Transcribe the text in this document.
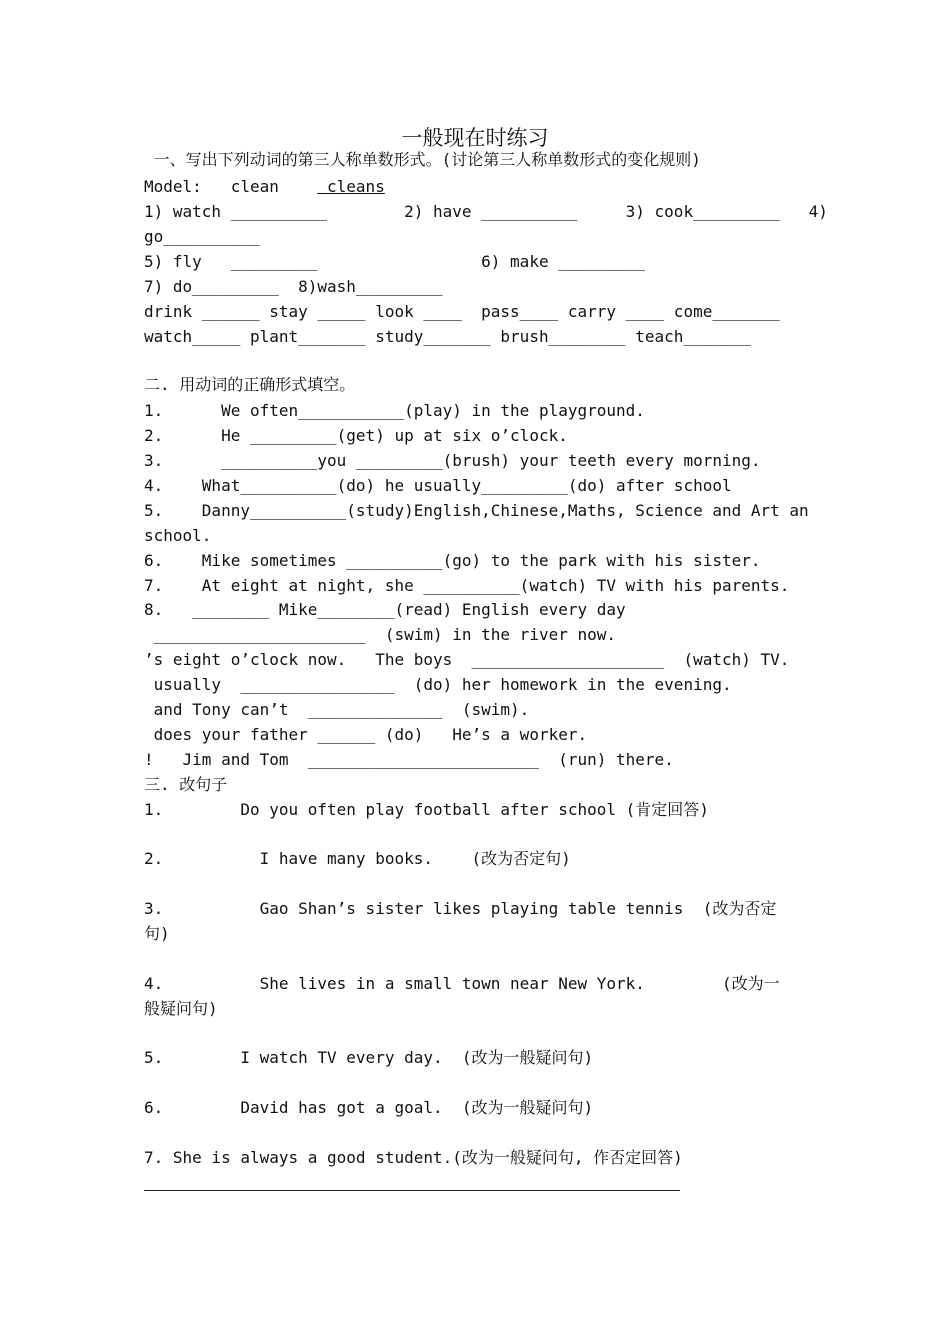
一般现在时练习
一、写出下列动词的第三人称单数形式。(讨论第三人称单数形式的变化规则)
Model:   clean     cleans
1) watch __________        2) have __________     3) cook_________   4)
go__________
5) fly   _________                 6) make _________
7) do_________  8)wash_________
drink ______ stay _____ look ____  pass____ carry ____ come_______
watch_____ plant_______ study_______ brush________ teach_______
二. 用动词的正确形式填空。
1.      We often___________(play) in the playground.
2.      He _________(get) up at six o’clock.
3.      __________you _________(brush) your teeth every morning.
4.    What__________(do) he usually_________(do) after school
5.    Danny__________(study)English,Chinese,Maths, Science and Art an
school.
6.    Mike sometimes __________(go) to the park with his sister.
7.    At eight at night, she __________(watch) TV with his parents.
8.   ________ Mike________(read) English every day
______________________  (swim) in the river now.
’s eight o’clock now.   The boys  ____________________  (watch) TV.
usually  ________________  (do) her homework in the evening.
and Tony can’t  ______________  (swim).
does your father ______ (do)   He’s a worker.
!   Jim and Tom  ________________________  (run) there.
三. 改句子
1.        Do you often play football after school (肯定回答)
2.          I have many books.    (改为否定句)
3.          Gao Shan’s sister likes playing table tennis  (改为否定
句)
4.          She lives in a small town near New York.        (改为一
般疑问句)
5.        I watch TV every day.  (改为一般疑问句)
6.        David has got a goal.  (改为一般疑问句)
7. She is always a good student.(改为一般疑问句, 作否定回答)
